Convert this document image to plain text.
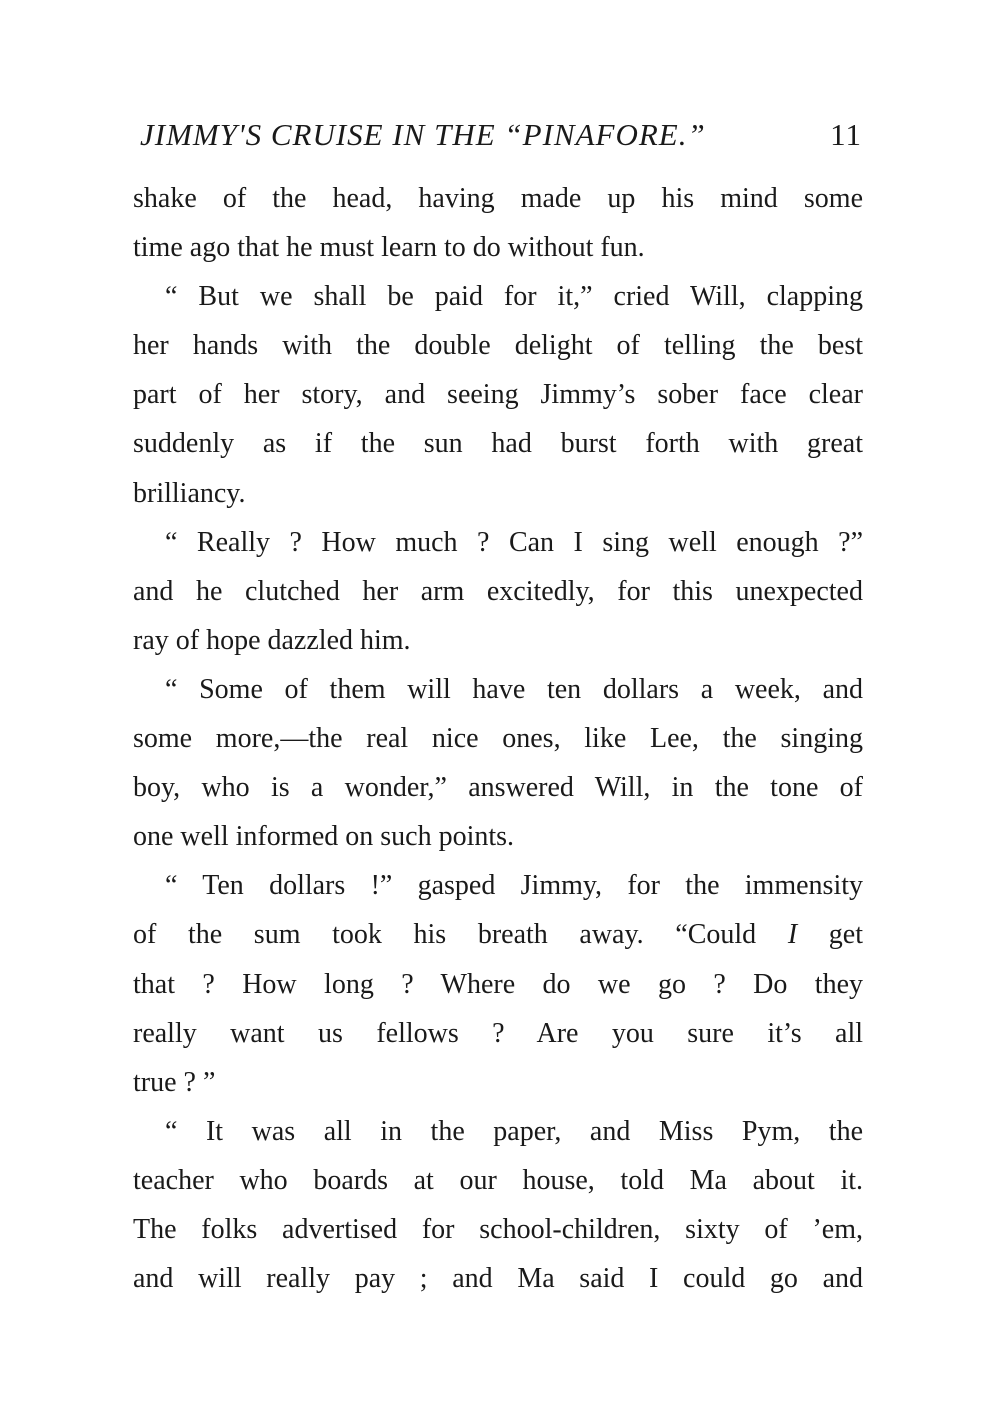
JIMMY'S CRUISE IN THE “PINAFORE.”	11
shake of the head, having made up his mind some
time ago that he must learn to do without fun.
“ But we shall be paid for it,” cried Will, clapping
her hands with the double delight of telling the best
part of her story, and seeing Jimmy’s sober face clear
suddenly as if the sun had burst forth with great
brilliancy.
“ Really ? How much ? Can I sing well enough ?”
and he clutched her arm excitedly, for this unexpected
ray of hope dazzled him.
“ Some of them will have ten dollars a week, and
some more,—the real nice ones, like Lee, the singing
boy, who is a wonder,” answered Will, in the tone of
one well informed on such points.
“ Ten dollars !” gasped Jimmy, for the immensity
of the sum took his breath away. “Could I get
that ? How long ? Where do we go ? Do they
really want us fellows ? Are you sure it’s all
true ? ”
“ It was all in the paper, and Miss Pym, the
teacher who boards at our house, told Ma about it.
The folks advertised for school-children, sixty of ’em,
and will really pay ; and Ma said I could go and
